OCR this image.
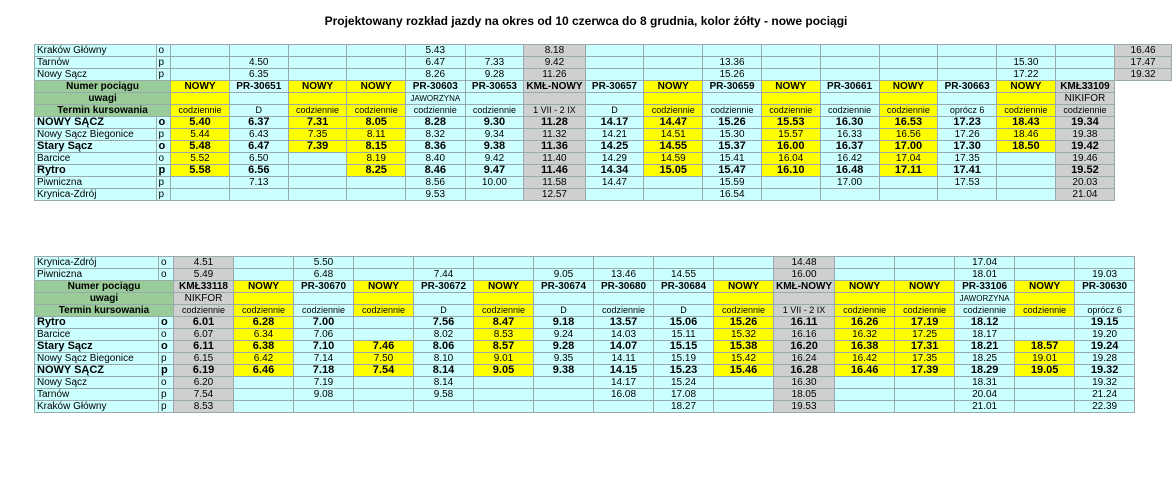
Projektowany rozkład jazdy na okres od 10 czerwca do 8 grudnia, kolor żółty - nowe pociągi
Kraków Główny	o					5.43		8.18										16.46
Tarnów	p		4.50			6.47	7.33	9.42			13.36					15.30		17.47
Nowy Sącz	p		6.35			8.26	9.28	11.26			15.26					17.22		19.32
Numer pociągu		NOWY	PR-30651	NOWY	NOWY	PR-30603	PR-30653	KMŁ-NOWY	PR-30657	NOWY	PR-30659	NOWY	PR-30661	NOWY	PR-30663	NOWY	KMŁ33109	
uwagi						JAWORZYNA											NIKIFOR	
Termin kursowania		codziennie	D	codziennie	codziennie	codziennie	codziennie	1 VII - 2 IX	D	codziennie	codziennie	codziennie	codziennie	codziennie	oprócz 6	codziennie	codziennie	
NOWY SĄCZ	o	5.40	6.37	7.31	8.05	8.28	9.30	11.28	14.17	14.47	15.26	15.53	16.30	16.53	17.23	18.43	19.34	
Nowy Sącz Biegonice	p	5.44	6.43	7.35	8.11	8.32	9.34	11.32	14.21	14.51	15.30	15.57	16.33	16.56	17.26	18.46	19.38	
Stary Sącz	o	5.48	6.47	7.39	8.15	8.36	9.38	11.36	14.25	14.55	15.37	16.00	16.37	17.00	17.30	18.50	19.42	
Barcice	o	5.52	6.50		8.19	8.40	9.42	11.40	14.29	14.59	15.41	16.04	16.42	17.04	17.35		19.46	
Rytro	p	5.58	6.56		8.25	8.46	9.47	11.46	14.34	15.05	15.47	16.10	16.48	17.11	17.41		19.52	
Piwniczna	p		7.13			8.56	10.00	11.58	14.47		15.59		17.00		17.53		20.03	
Krynica-Zdrój	p					9.53		12.57			16.54						21.04	
Krynica-Zdrój	o	4.51		5.50								14.48			17.04		
Piwniczna	o	5.49		6.48		7.44		9.05	13.46	14.55		16.00			18.01		19.03
Numer pociągu		KMŁ33118	NOWY	PR-30670	NOWY	PR-30672	NOWY	PR-30674	PR-30680	PR-30684	NOWY	KMŁ-NOWY	NOWY	NOWY	PR-33106	NOWY	PR-30630
uwagi		NIKFOR													JAWORZYNA		
Termin kursowania		codziennie	codziennie	codziennie	codziennie	D	codziennie	D	codziennie	D	codziennie	1 VII - 2 IX	codziennie	codziennie	codziennie	codziennie	oprócz 6
Rytro	o	6.01	6.28	7.00		7.56	8.47	9.18	13.57	15.06	15.26	16.11	16.26	17.19	18.12		19.15
Barcice	o	6.07	6.34	7.06		8.02	8.53	9.24	14.03	15.11	15.32	16.16	16.32	17.25	18.17		19.20
Stary Sącz	o	6.11	6.38	7.10	7.46	8.06	8.57	9.28	14.07	15.15	15.38	16.20	16.38	17.31	18.21	18.57	19.24
Nowy Sącz Biegonice	p	6.15	6.42	7.14	7.50	8.10	9.01	9.35	14.11	15.19	15.42	16.24	16.42	17.35	18.25	19.01	19.28
NOWY SĄCZ	p	6.19	6.46	7.18	7.54	8.14	9.05	9.38	14.15	15.23	15.46	16.28	16.46	17.39	18.29	19.05	19.32
Nowy Sącz	o	6.20		7.19		8.14			14.17	15.24		16.30			18.31		19.32
Tarnów	p	7.54		9.08		9.58			16.08	17.08		18.05			20.04		21.24
Kraków Główny	p	8.53								18.27		19.53			21.01		22.39
